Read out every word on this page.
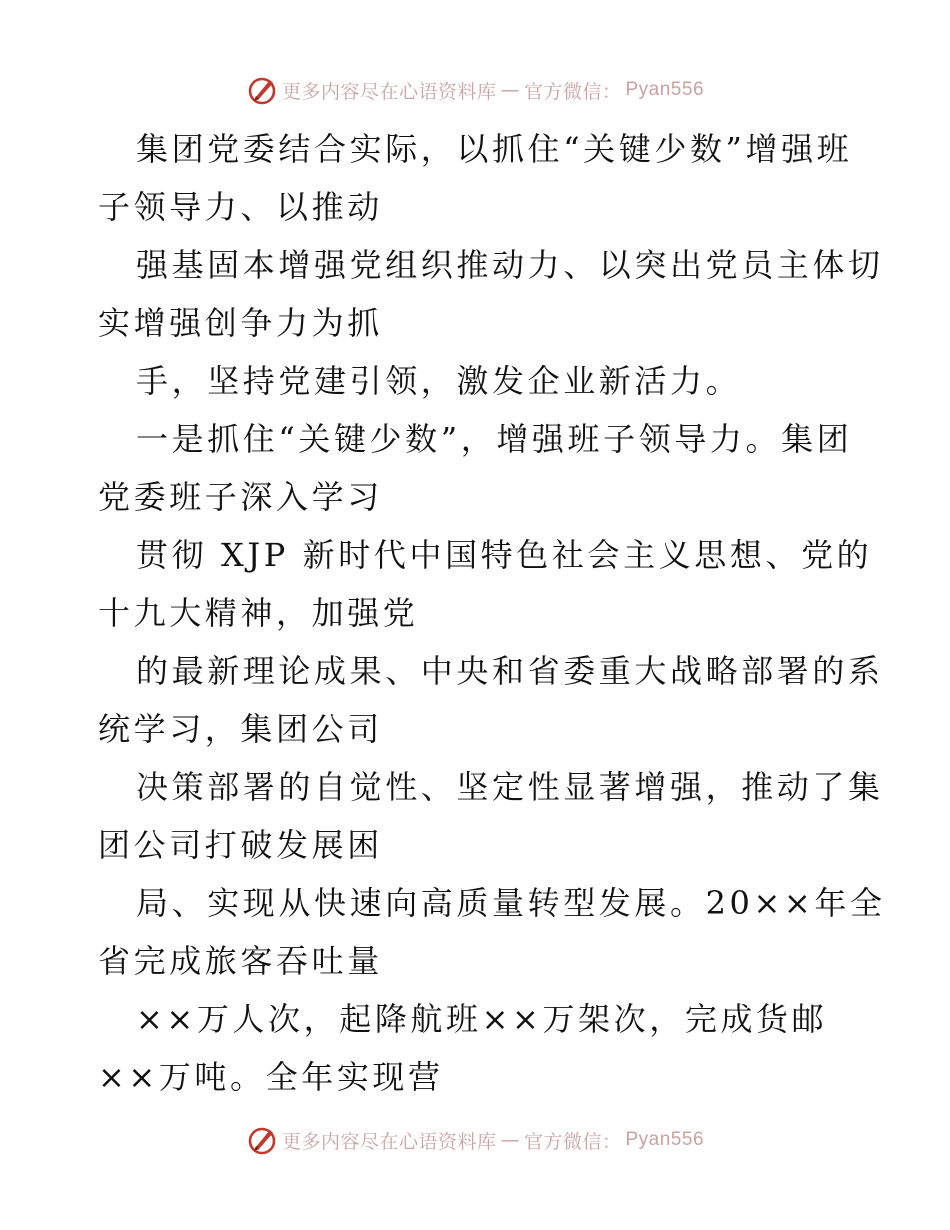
更多内容尽在心语资料库 — 官方微信： Pyan556
集团党委结合实际，以抓住“关键少数”增强班
子领导力、以推动
强基固本增强党组织推动力、以突出党员主体切
实增强创争力为抓
手，坚持党建引领，激发企业新活力。
一是抓住“关键少数”，增强班子领导力。集团
党委班子深入学习
贯彻 XJP 新时代中国特色社会主义思想、党的
十九大精神，加强党
的最新理论成果、中央和省委重大战略部署的系
统学习，集团公司
决策部署的自觉性、坚定性显著增强，推动了集
团公司打破发展困
局、实现从快速向高质量转型发展。20××年全
省完成旅客吞吐量
××万人次，起降航班××万架次，完成货邮
××万吨。全年实现营
更多内容尽在心语资料库 — 官方微信： Pyan556
